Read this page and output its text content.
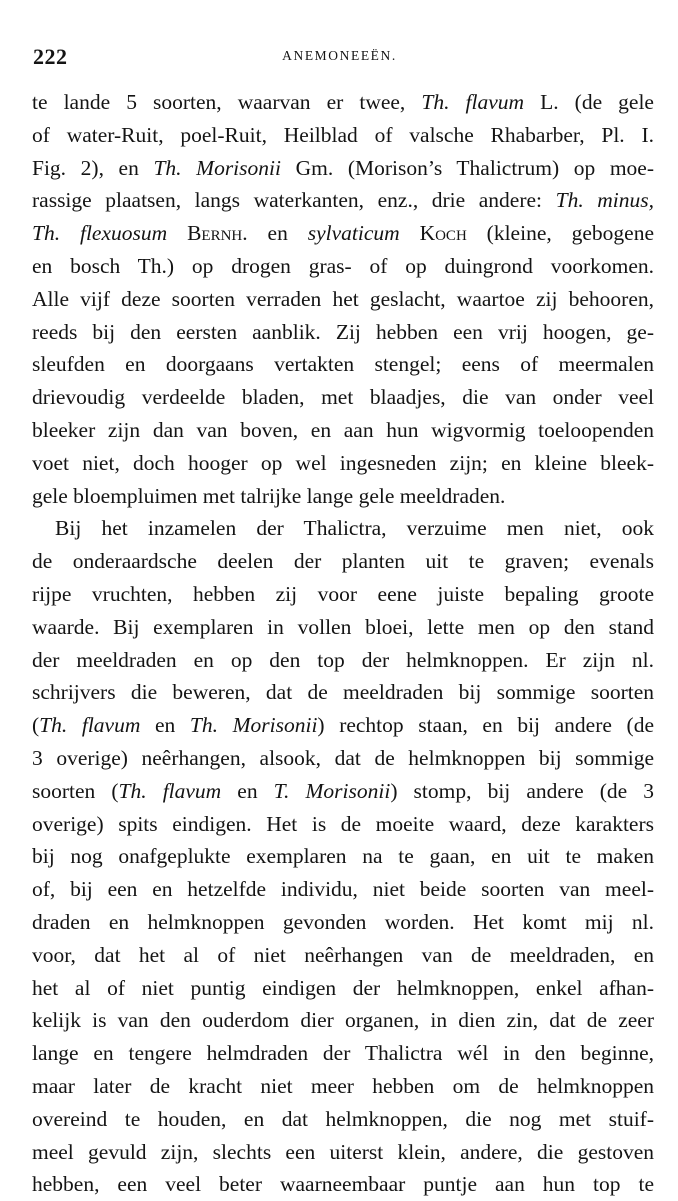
222	ANEMONEEËN.
te lande 5 soorten, waarvan er twee, Th. flavum L. (de gele
of water-Ruit, poel-Ruit, Heilblad of valsche Rhabarber, Pl. I.
Fig. 2), en Th. Morisonii Gm. (Morison’s Thalictrum) op moe-
rassige plaatsen, langs waterkanten, enz., drie andere: Th. minus,
Th. flexuosum Bernh. en sylvaticum Koch (kleine, gebogene
en bosch Th.) op drogen gras- of op duingrond voorkomen.
Alle vijf deze soorten verraden het geslacht, waartoe zij behooren,
reeds bij den eersten aanblik. Zij hebben een vrij hoogen, ge-
sleufden en doorgaans vertakten stengel; eens of meermalen
drievoudig verdeelde bladen, met blaadjes, die van onder veel
bleeker zijn dan van boven, en aan hun wigvormig toeloopenden
voet niet, doch hooger op wel ingesneden zijn; en kleine bleek-
gele bloempluimen met talrijke lange gele meeldraden.
Bij het inzamelen der Thalictra, verzuime men niet, ook
de onderaardsche deelen der planten uit te graven; evenals
rijpe vruchten, hebben zij voor eene juiste bepaling groote
waarde. Bij exemplaren in vollen bloei, lette men op den stand
der meeldraden en op den top der helmknoppen. Er zijn nl.
schrijvers die beweren, dat de meeldraden bij sommige soorten
(Th. flavum en Th. Morisonii) rechtop staan, en bij andere (de
3 overige) neêrhangen, alsook, dat de helmknoppen bij sommige
soorten (Th. flavum en T. Morisonii) stomp, bij andere (de 3
overige) spits eindigen. Het is de moeite waard, deze karakters
bij nog onafgeplukte exemplaren na te gaan, en uit te maken
of, bij een en hetzelfde individu, niet beide soorten van meel-
draden en helmknoppen gevonden worden. Het komt mij nl.
voor, dat het al of niet neêrhangen van de meeldraden, en
het al of niet puntig eindigen der helmknoppen, enkel afhan-
kelijk is van den ouderdom dier organen, in dien zin, dat de zeer
lange en tengere helmdraden der Thalictra wél in den beginne,
maar later de kracht niet meer hebben om de helmknoppen
overeind te houden, en dat helmknoppen, die nog met stuif-
meel gevuld zijn, slechts een uiterst klein, andere, die gestoven
hebben, een veel beter waarneembaar puntje aan hun top te
